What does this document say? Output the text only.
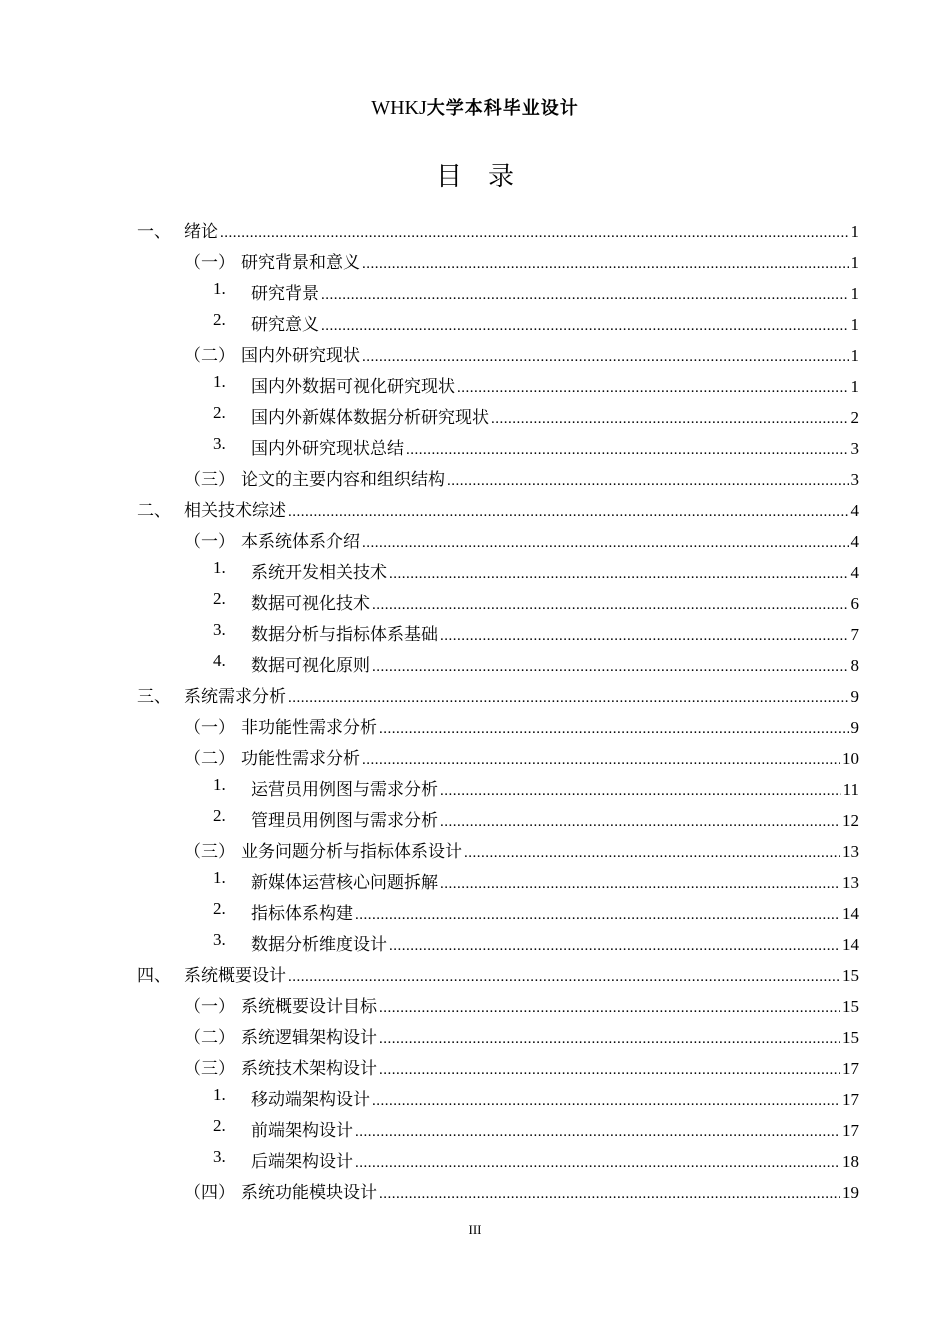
WHKJ大学本科毕业设计
目录
一、 绪论 .....	1
（一） 研究背景和意义 .....	1
1. 研究背景 .....	1
2. 研究意义 .....	1
（二） 国内外研究现状 .....	1
1. 国内外数据可视化研究现状 .....	1
2. 国内外新媒体数据分析研究现状 .....	2
3. 国内外研究现状总结 .....	3
（三） 论文的主要内容和组织结构 .....	3
二、 相关技术综述 .....	4
（一） 本系统体系介绍 .....	4
1. 系统开发相关技术 .....	4
2. 数据可视化技术 .....	6
3. 数据分析与指标体系基础 .....	7
4. 数据可视化原则 .....	8
三、 系统需求分析 .....	9
（一） 非功能性需求分析 .....	9
（二） 功能性需求分析 .....	10
1. 运营员用例图与需求分析 .....	11
2. 管理员用例图与需求分析 .....	12
（三） 业务问题分析与指标体系设计 .....	13
1. 新媒体运营核心问题拆解 .....	13
2. 指标体系构建 .....	14
3. 数据分析维度设计 .....	14
四、 系统概要设计 .....	15
（一） 系统概要设计目标 .....	15
（二） 系统逻辑架构设计 .....	15
（三） 系统技术架构设计 .....	17
1. 移动端架构设计 .....	17
2. 前端架构设计 .....	17
3. 后端架构设计 .....	18
（四） 系统功能模块设计 .....	19
III
